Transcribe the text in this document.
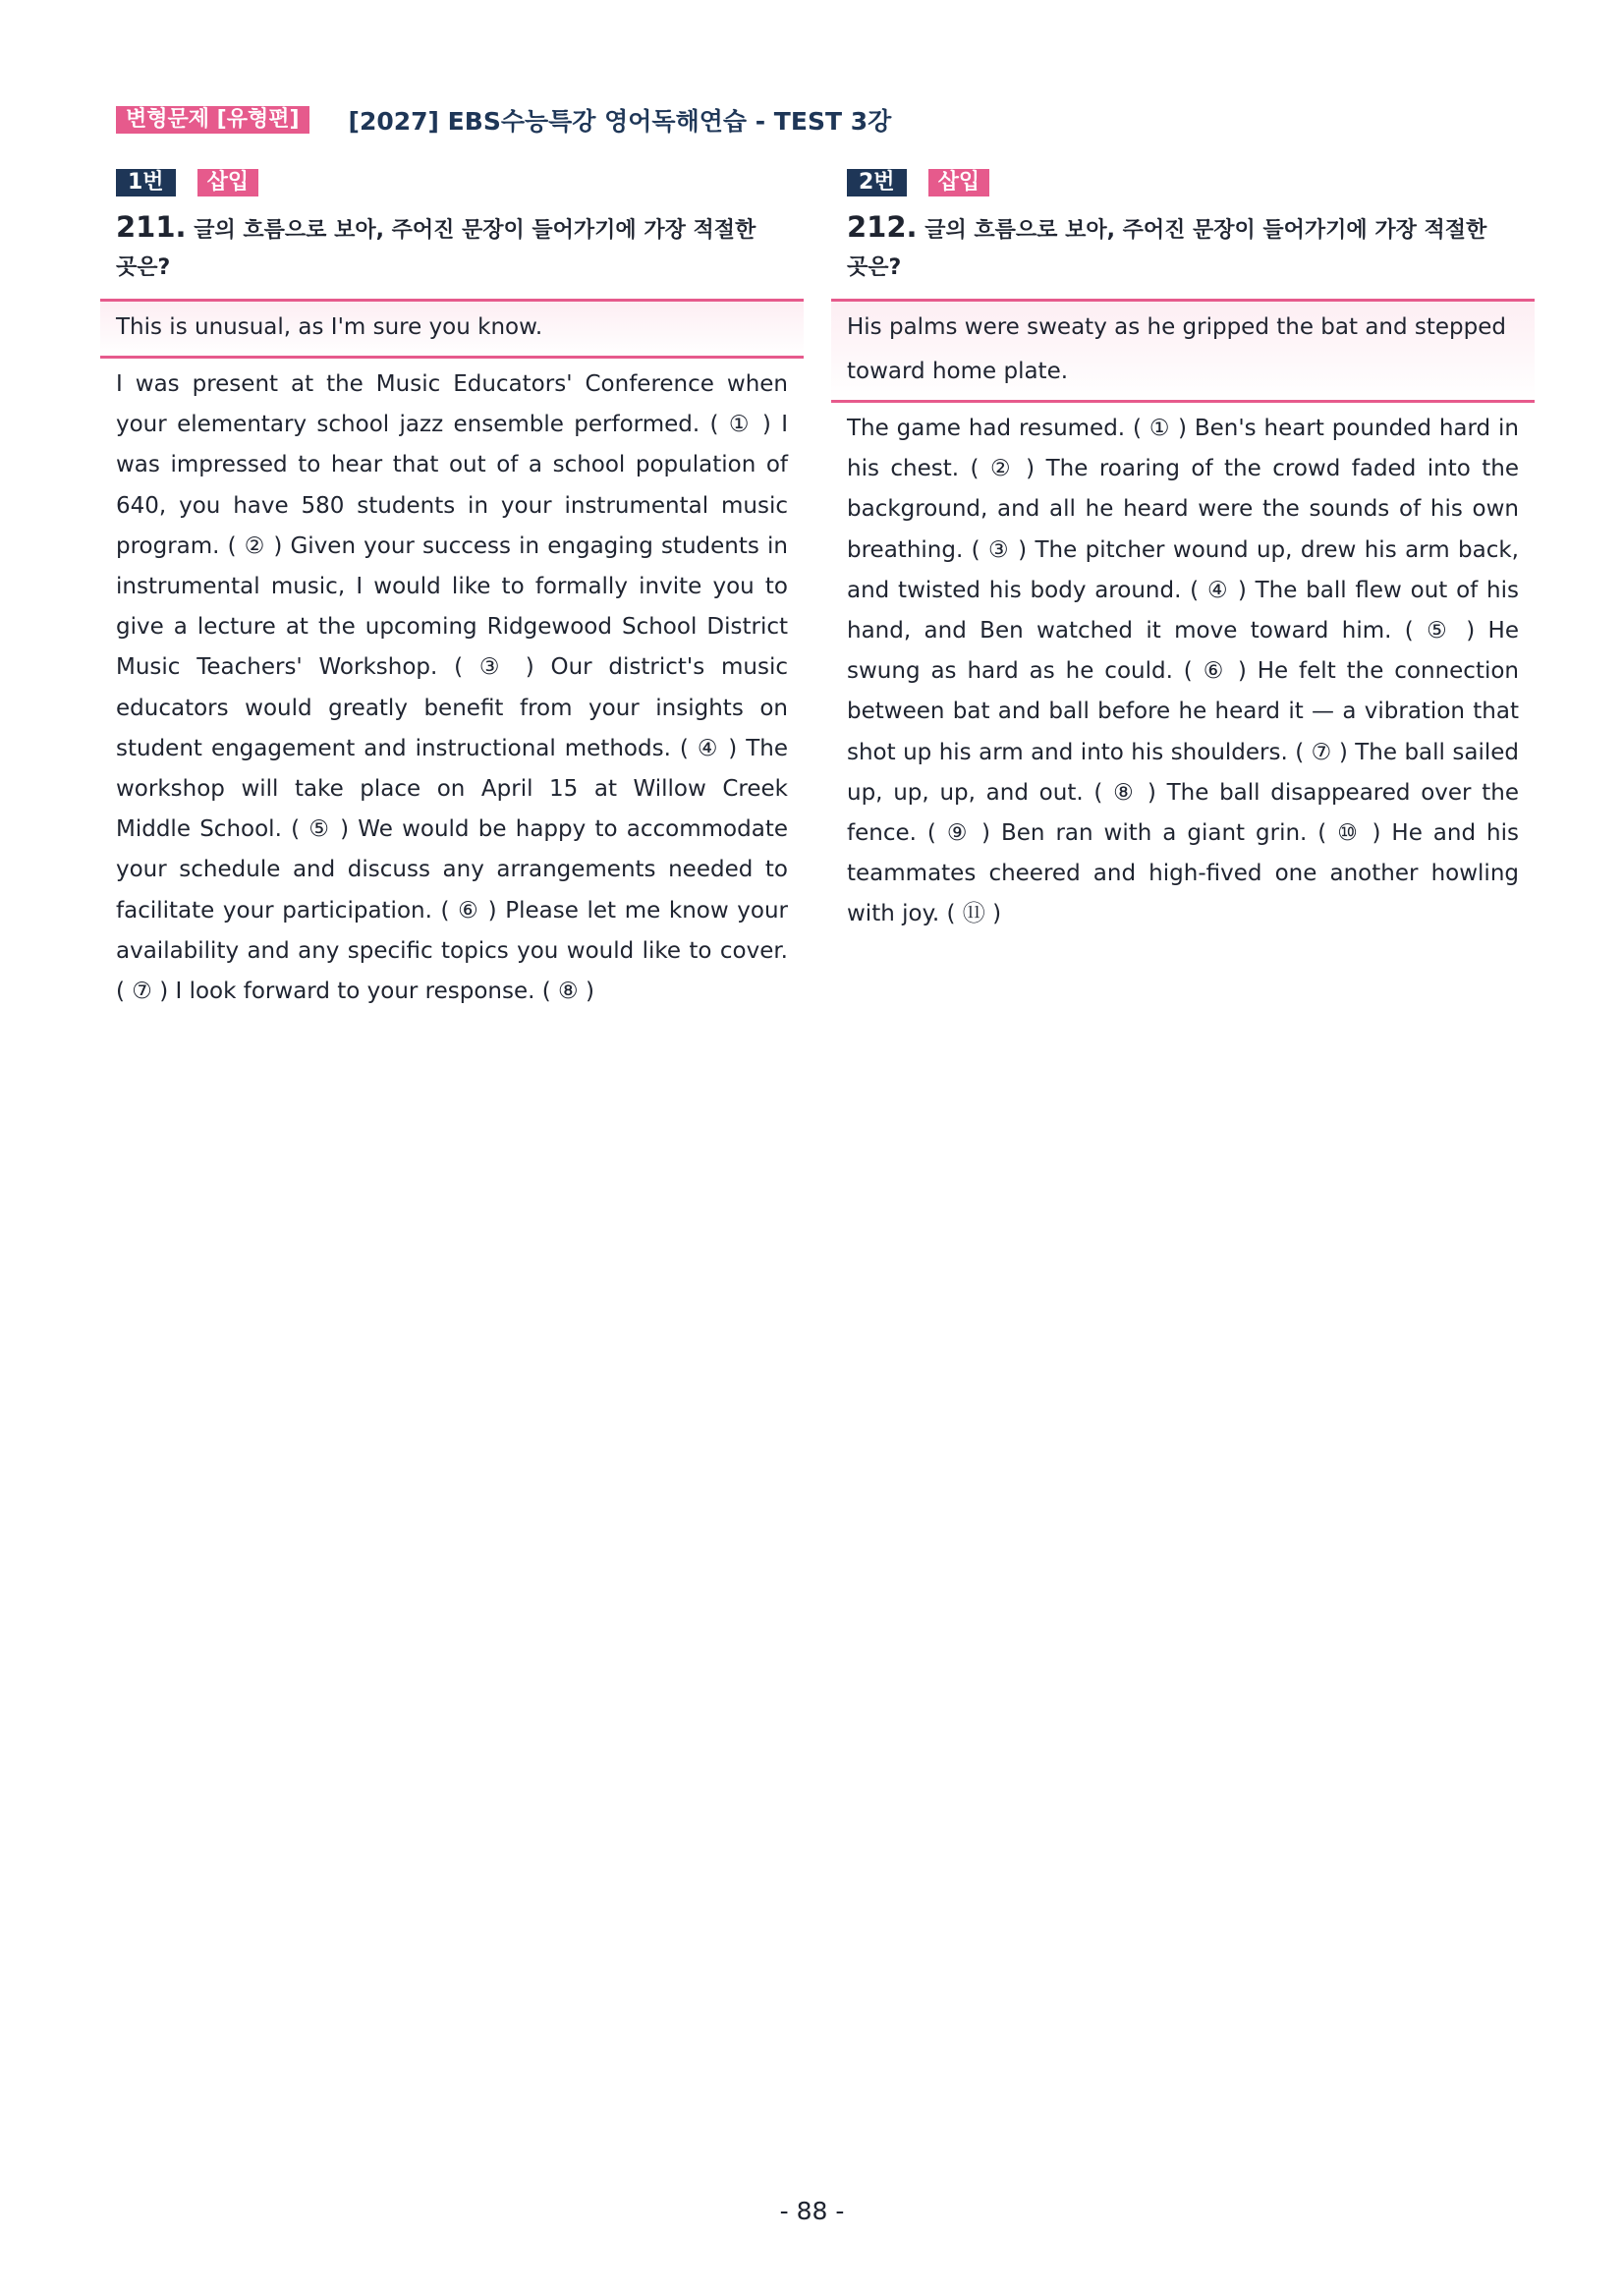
변형문제 [유형편]	[2027] EBS수능특강 영어독해연습 - TEST 3강
1번	삽입
211. 글의 흐름으로 보아, 주어진 문장이 들어가기에 가장 적절한 곳은?
This is unusual, as I'm sure you know.
I was present at the Music Educators' Conference when your elementary school jazz ensemble performed. ( ① ) I was impressed to hear that out of a school population of 640, you have 580 students in your instrumental music program. ( ② ) Given your success in engaging students in instrumental music, I would like to formally invite you to give a lecture at the upcoming Ridgewood School District Music Teachers' Workshop. ( ③ ) Our district's music educators would greatly benefit from your insights on student engagement and instructional methods. ( ④ ) The workshop will take place on April 15 at Willow Creek Middle School. ( ⑤ ) We would be happy to accommodate your schedule and discuss any arrangements needed to facilitate your participation. ( ⑥ ) Please let me know your availability and any specific topics you would like to cover. ( ⑦ ) I look forward to your response. ( ⑧ )
2번	삽입
212. 글의 흐름으로 보아, 주어진 문장이 들어가기에 가장 적절한 곳은?
His palms were sweaty as he gripped the bat and stepped toward home plate.
The game had resumed. ( ① ) Ben's heart pounded hard in his chest. ( ② ) The roaring of the crowd faded into the background, and all he heard were the sounds of his own breathing. ( ③ ) The pitcher wound up, drew his arm back, and twisted his body around. ( ④ ) The ball flew out of his hand, and Ben watched it move toward him. ( ⑤ ) He swung as hard as he could. ( ⑥ ) He felt the connection between bat and ball before he heard it — a vibration that shot up his arm and into his shoulders. ( ⑦ ) The ball sailed up, up, up, and out. ( ⑧ ) The ball disappeared over the fence. ( ⑨ ) Ben ran with a giant grin. ( ⑩ ) He and his teammates cheered and high-fived one another howling with joy. ( ⑪ )
- 88 -
